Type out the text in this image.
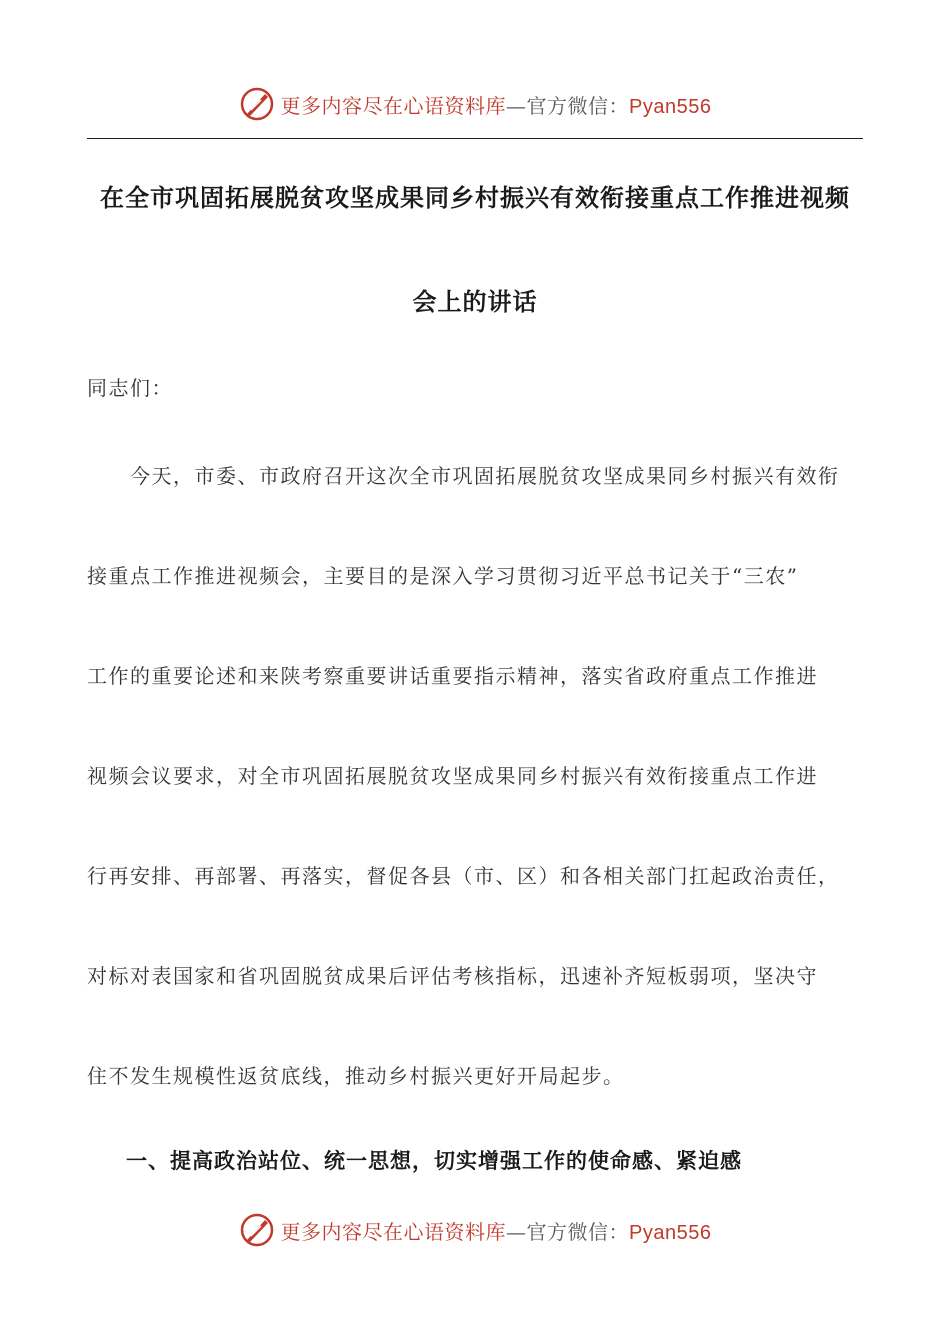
更多内容尽在心语资料库—官方微信：Pyan556
在全市巩固拓展脱贫攻坚成果同乡村振兴有效衔接重点工作推进视频
会上的讲话
同志们：
　　今天，市委、市政府召开这次全市巩固拓展脱贫攻坚成果同乡村振兴有效衔
接重点工作推进视频会，主要目的是深入学习贯彻习近平总书记关于“三农”
工作的重要论述和来陕考察重要讲话重要指示精神，落实省政府重点工作推进
视频会议要求，对全市巩固拓展脱贫攻坚成果同乡村振兴有效衔接重点工作进
行再安排、再部署、再落实，督促各县（市、区）和各相关部门扛起政治责任，
对标对表国家和省巩固脱贫成果后评估考核指标，迅速补齐短板弱项，坚决守
住不发生规模性返贫底线，推动乡村振兴更好开局起步。
一、提高政治站位、统一思想，切实增强工作的使命感、紧迫感
更多内容尽在心语资料库—官方微信：Pyan556
